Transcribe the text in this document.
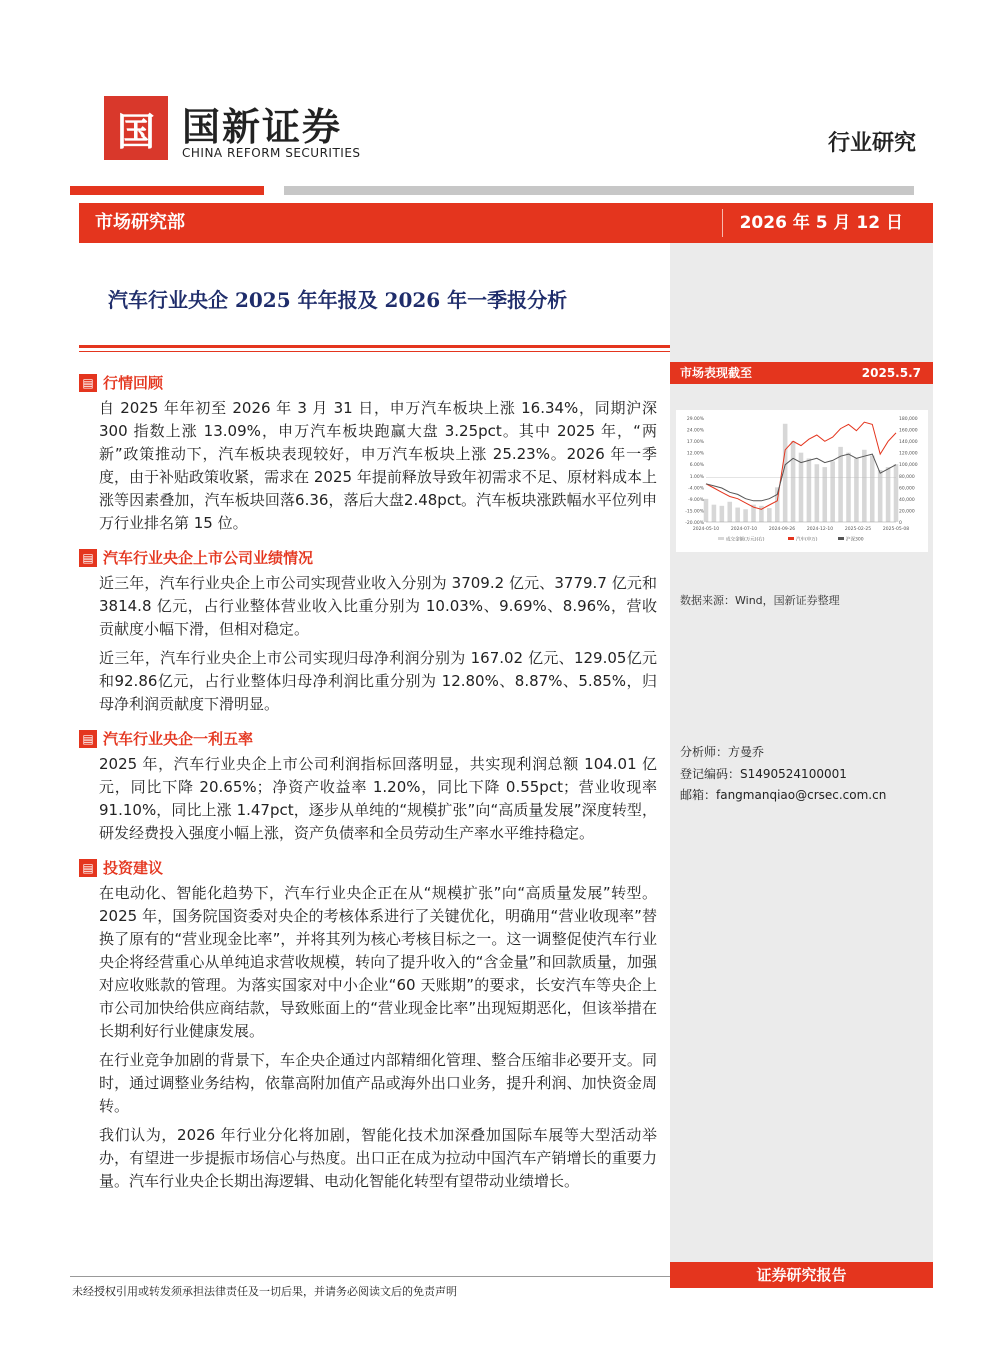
国 国新证券
CHINA REFORM SECURITIES	行业研究
市场研究部	2026 年 5 月 12 日
汽车行业央企 2025 年年报及 2026 年一季报分析
▤ 行情回顾
自 2025 年年初至 2026 年 3 月 31 日，申万汽车板块上涨 16.34%，同期沪深 300 指数上涨 13.09%，申万汽车板块跑赢大盘 3.25pct。其中 2025 年，“两新”政策推动下，汽车板块表现较好，申万汽车板块上涨 25.23%。2026 年一季度，由于补贴政策收紧，需求在 2025 年提前释放导致年初需求不足、原材料成本上涨等因素叠加，汽车板块回落6.36，落后大盘2.48pct。汽车板块涨跌幅水平位列申万行业排名第 15 位。
▤ 汽车行业央企上市公司业绩情况
近三年，汽车行业央企上市公司实现营业收入分别为 3709.2 亿元、3779.7 亿元和 3814.8 亿元，占行业整体营业收入比重分别为 10.03%、9.69%、8.96%，营收贡献度小幅下滑，但相对稳定。
近三年，汽车行业央企上市公司实现归母净利润分别为 167.02 亿元、129.05亿元和92.86亿元，占行业整体归母净利润比重分别为 12.80%、8.87%、5.85%，归母净利润贡献度下滑明显。
▤ 汽车行业央企一利五率
2025 年，汽车行业央企上市公司利润指标回落明显，共实现利润总额 104.01 亿元，同比下降 20.65%；净资产收益率 1.20%，同比下降 0.55pct；营业收现率 91.10%，同比上涨 1.47pct，逐步从单纯的“规模扩张”向“高质量发展”深度转型，研发经费投入强度小幅上涨，资产负债率和全员劳动生产率水平维持稳定。
▤ 投资建议
在电动化、智能化趋势下，汽车行业央企正在从“规模扩张”向“高质量发展”转型。2025 年，国务院国资委对央企的考核体系进行了关键优化，明确用“营业收现率”替换了原有的“营业现金比率”，并将其列为核心考核目标之一。这一调整促使汽车行业央企将经营重心从单纯追求营收规模，转向了提升收入的“含金量”和回款质量，加强对应收账款的管理。为落实国家对中小企业“60 天账期”的要求，长安汽车等央企上市公司加快给供应商结款，导致账面上的“营业现金比率”出现短期恶化，但该举措在长期利好行业健康发展。
在行业竞争加剧的背景下，车企央企通过内部精细化管理、整合压缩非必要开支。同时，通过调整业务结构，依靠高附加值产品或海外出口业务，提升利润、加快资金周转。
我们认为，2026 年行业分化将加剧，智能化技术加深叠加国际车展等大型活动举办，有望进一步提振市场信心与热度。出口正在成为拉动中国汽车产销增长的重要力量。汽车行业央企长期出海逻辑、电动化智能化转型有望带动业绩增长。
市场表现截至	2025.5.7
29.00%
24.00%
17.00%
12.00%
6.00%
1.00%
-4.00%
-9.00%
-15.00%
-20.00%
180,000
160,000
140,000
120,000
100,000
80,000
60,000
40,000
20,000
0
2024-05-10	2024-07-10	2024-09-26	2024-12-10	2025-02-25	2025-05-08
成交金额(万元)(右)	汽车(申万)	沪深300
数据来源：Wind，国新证券整理
分析师：方曼乔
登记编码：S1490524100001
邮箱：fangmanqiao@crsec.com.cn
证券研究报告
未经授权引用或转发须承担法律责任及一切后果，并请务必阅读文后的免责声明
